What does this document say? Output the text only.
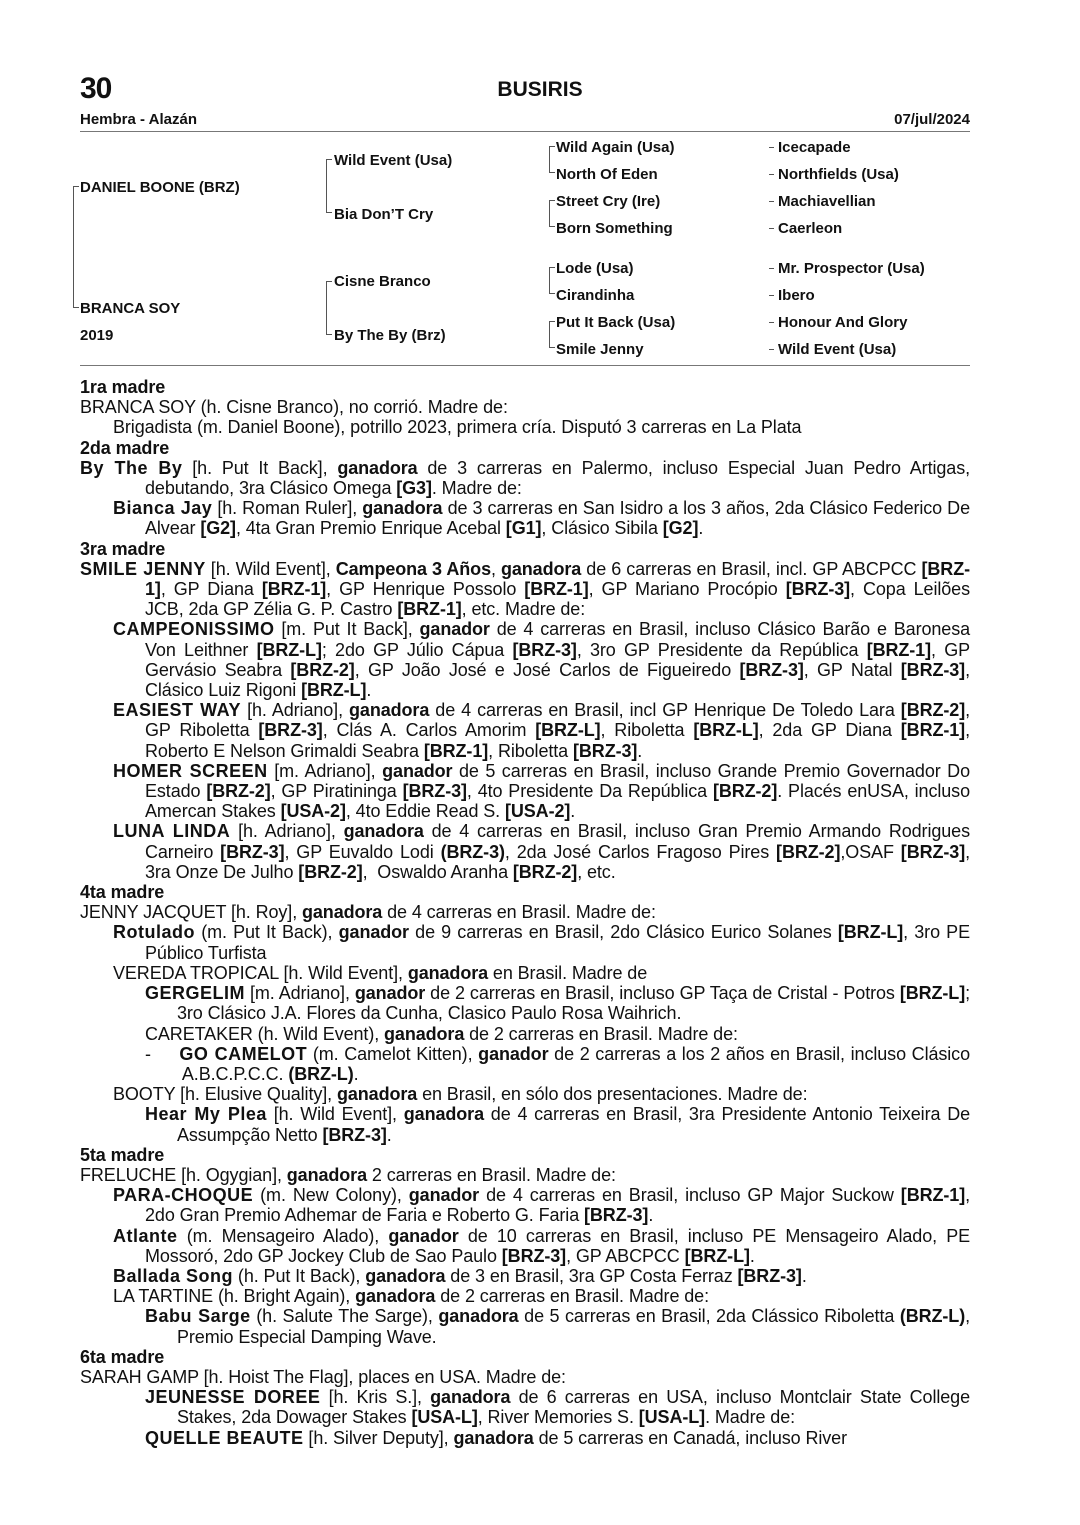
30	BUSIRIS
Hembra - Alazán	07/jul/2024
DANIEL BOONE (BRZ)
BRANCA SOY
2019
Wild Event (Usa)
Bia Don’T Cry
Cisne Branco
By The By (Brz)
Wild Again (Usa)
North Of Eden
Street Cry (Ire)
Born Something
Lode (Usa)
Cirandinha
Put It Back (Usa)
Smile Jenny
Icecapade
Northfields (Usa)
Machiavellian
Caerleon
Mr. Prospector (Usa)
Ibero
Honour And Glory
Wild Event (Usa)

1ra madre

BRANCA SOY (h. Cisne Branco), no corrió. Madre de:

Brigadista (m. Daniel Boone), potrillo 2023, primera cría. Disputó 3 carreras en La Plata

2da madre

By The By [h. Put It Back], ganadora de 3 carreras en Palermo, incluso Especial Juan Pedro Artigas, debutando, 3ra Clásico Omega [G3]. Madre de:

Bianca Jay [h. Roman Ruler], ganadora de 3 carreras en San Isidro a los 3 años, 2da Clásico Federico De Alvear [G2], 4ta Gran Premio Enrique Acebal [G1], Clásico Sibila [G2].

3ra madre

SMILE JENNY [h. Wild Event], Campeona 3 Años, ganadora de 6 carreras en Brasil, incl. GP ABCPCC [BRZ-1], GP Diana [BRZ-1], GP Henrique Possolo [BRZ-1], GP Mariano Procópio [BRZ-3], Copa Leilões JCB, 2da GP Zélia G. P. Castro [BRZ-1], etc. Madre de:

CAMPEONISSIMO [m. Put It Back], ganador de 4 carreras en Brasil, incluso Clásico Barão e Baronesa Von Leithner [BRZ-L]; 2do GP Júlio Cápua [BRZ-3], 3ro GP Presidente da República [BRZ-1], GP Gervásio Seabra [BRZ-2], GP João José e José Carlos de Figueiredo [BRZ-3], GP Natal [BRZ-3], Clásico Luiz Rigoni [BRZ-L].

EASIEST WAY [h. Adriano], ganadora de 4 carreras en Brasil, incl GP Henrique De Toledo Lara [BRZ-2], GP Riboletta [BRZ-3], Clás A. Carlos Amorim [BRZ-L], Riboletta [BRZ-L], 2da GP Diana [BRZ-1], Roberto E Nelson Grimaldi Seabra [BRZ-1], Riboletta [BRZ-3].

HOMER SCREEN [m. Adriano], ganador de 5 carreras en Brasil, incluso Grande Premio Governador Do Estado [BRZ-2], GP Piratininga [BRZ-3], 4to Presidente Da República [BRZ-2]. Placés enUSA, incluso Amercan Stakes [USA-2], 4to Eddie Read S. [USA-2].

LUNA LINDA [h. Adriano], ganadora de 4 carreras en Brasil, incluso Gran Premio Armando Rodrigues Carneiro [BRZ-3], GP Euvaldo Lodi (BRZ-3), 2da José Carlos Fragoso Pires [BRZ-2],OSAF [BRZ-3], 3ra Onze De Julho [BRZ-2],  Oswaldo Aranha [BRZ-2], etc.

4ta madre

JENNY JACQUET [h. Roy], ganadora de 4 carreras en Brasil. Madre de:

Rotulado (m. Put It Back), ganador de 9 carreras en Brasil, 2do Clásico Eurico Solanes [BRZ-L], 3ro PE Público Turfista

VEREDA TROPICAL [h. Wild Event], ganadora en Brasil. Madre de

GERGELIM [m. Adriano], ganador de 2 carreras en Brasil, incluso GP Taça de Cristal - Potros [BRZ-L]; 3ro Clásico J.A. Flores da Cunha, Clasico Paulo Rosa Waihrich.

CARETAKER (h. Wild Event), ganadora de 2 carreras en Brasil. Madre de:

-     GO CAMELOT (m. Camelot Kitten), ganador de 2 carreras a los 2 años en Brasil, incluso Clásico  A.B.C.P.C.C. (BRZ-L).

BOOTY [h. Elusive Quality], ganadora en Brasil, en sólo dos presentaciones. Madre de:

Hear My Plea [h. Wild Event], ganadora de 4 carreras en Brasil, 3ra Presidente Antonio Teixeira De Assumpção Netto [BRZ-3].

5ta madre

FRELUCHE [h. Ogygian], ganadora 2 carreras en Brasil. Madre de:

PARA-CHOQUE (m. New Colony), ganador de 4 carreras en Brasil, incluso GP Major Suckow [BRZ-1], 2do Gran Premio Adhemar de Faria e Roberto G. Faria [BRZ-3].

Atlante (m. Mensageiro Alado), ganador de 10 carreras en Brasil, incluso PE Mensageiro Alado, PE Mossoró, 2do GP Jockey Club de Sao Paulo [BRZ-3], GP ABCPCC [BRZ-L].

Ballada Song (h. Put It Back), ganadora de 3 en Brasil, 3ra GP Costa Ferraz [BRZ-3].

LA TARTINE (h. Bright Again), ganadora de 2 carreras en Brasil. Madre de:

Babu Sarge (h. Salute The Sarge), ganadora de 5 carreras en Brasil, 2da Clássico Riboletta (BRZ-L), Premio Especial Damping Wave.

6ta madre

SARAH GAMP [h. Hoist The Flag], places en USA. Madre de:

JEUNESSE DOREE [h. Kris S.], ganadora de 6 carreras en USA, incluso Montclair State College Stakes, 2da Dowager Stakes [USA-L], River Memories S. [USA-L]. Madre de:

QUELLE BEAUTE [h. Silver Deputy], ganadora de 5 carreras en Canadá, incluso River
